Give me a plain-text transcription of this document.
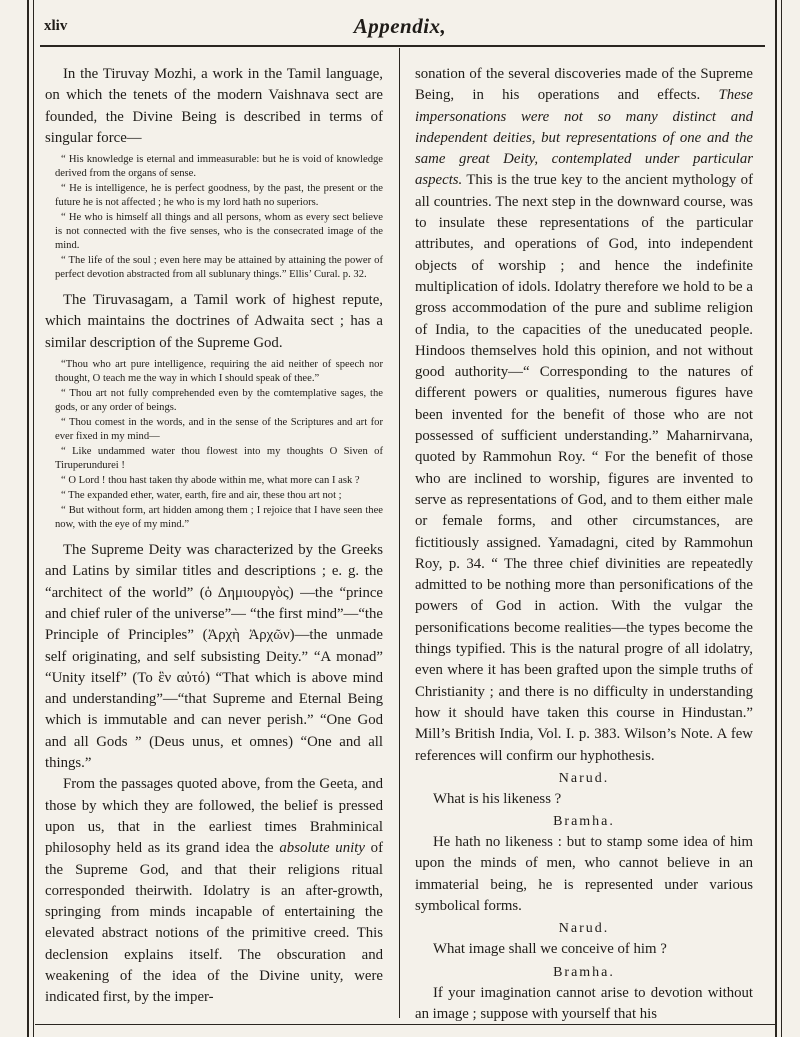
xliv	Appendix,

In the Tiruvay Mozhi, a work in the Tamil language, on which the tenets of the modern Vaishnava sect are founded, the Divine Being is described in terms of singular force—

“ His knowledge is eternal and immeasurable: but he is void of knowledge derived from the organs of sense.

“ He is intelligence, he is perfect goodness, by the past, the present or the future he is not affected ; he who is my lord hath no superiors.

“ He who is himself all things and all persons, whom as every sect believe is not connected with the five senses, who is the consecrated image of the mind.

“ The life of the soul ; even here may be attained by attaining the power of perfect devotion abstracted from all sublunary things.” Ellis’ Cural. p. 32.

The Tiruvasagam, a Tamil work of highest repute, which maintains the doctrines of Adwaita sect ; has a similar description of the Supreme God.

“Thou who art pure intelligence, requiring the aid neither of speech nor thought, O teach me the way in which I should speak of thee.”

“ Thou art not fully comprehended even by the comtemplative sages, the gods, or any order of beings.

“ Thou comest in the words, and in the sense of the Scriptures and art for ever fixed in my mind—

“ Like undammed water thou flowest into my thoughts O Siven of Tiruperundurei !

“ O Lord ! thou hast taken thy abode within me, what more can I ask ?

“ The expanded ether, water, earth, fire and air, these thou art not ;

“ But without form, art hidden among them ; I rejoice that I have seen thee now, with the eye of my mind.”

The Supreme Deity was characterized by the Greeks and Latins by similar titles and descriptions ; e. g. the “architect of the world” (ὁ Δημιουργὸς) —the “prince and chief ruler of the universe”— “the first mind”—“the Principle of Principles” (Ἀρχὴ Ἀρχῶν)—the unmade self originating, and self subsisting Deity.” “A monad” “Unity itself” (Το ἓν αὐτό) “That which is above mind and understanding”—“that Supreme and Eternal Being which is immutable and can never perish.” “One God and all Gods ” (Deus unus, et omnes) “One and all things.”

From the passages quoted above, from the Geeta, and those by which they are followed, the belief is pressed upon us, that in the earliest times Brahminical philosophy held as its grand idea the absolute unity of the Supreme God, and that their religions ritual corresponded theirwith. Idolatry is an after-growth, springing from minds incapable of entertaining the elevated abstract notions of the primitive creed. This declension explains itself. The obscuration and weakening of the idea of the Divine unity, were indicated first, by the imper-

sonation of the several discoveries made of the Supreme Being, in his operations and effects. These impersonations were not so many distinct and independent deities, but representations of one and the same great Deity, contemplated under particular aspects. This is the true key to the ancient mythology of all countries. The next step in the downward course, was to insulate these representations of the particular attributes, and operations of God, into independent objects of worship ; and hence the indefinite multiplication of idols. Idolatry therefore we hold to be a gross accommodation of the pure and sublime religion of India, to the capacities of the uneducated people. Hindoos themselves hold this opinion, and not without good authority—“ Corresponding to the natures of different powers or qualities, numerous figures have been invented for the benefit of those who are not possessed of sufficient understanding.” Maharnirvana, quoted by Rammohun Roy. “ For the benefit of those who are inclined to worship, figures are invented to serve as representations of God, and to them either male or female forms, and other circumstances, are fictitiously assigned. Yamadagni, cited by Rammohun Roy, p. 34. “ The three chief divinities are repeatedly admitted to be nothing more than personifications of the powers of God in action. With the vulgar the personifications become realities—the types become the things typified. This is the natural progre of all idolatry, even where it has been grafted upon the simple truths of Christianity ; and there is no difficulty in understanding how it should have taken this course in Hindustan.” Mill’s British India, Vol. I. p. 383. Wilson’s Note. A few references will confirm our hyphothesis.

Narud.

What is his likeness ?

Bramha.

He hath no likeness : but to stamp some idea of him upon the minds of men, who cannot believe in an immaterial being, he is represented under various symbolical forms.

Narud.

What image shall we conceive of him ?

Bramha.

If your imagination cannot arise to devotion without an image ; suppose with yourself that his
